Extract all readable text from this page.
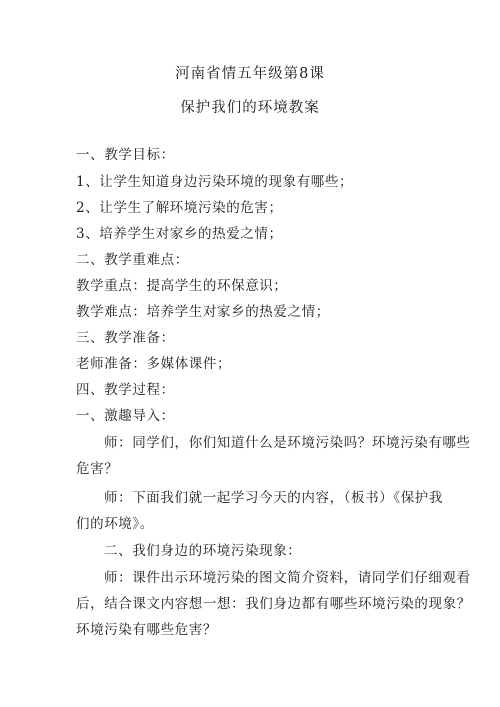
河南省情五年级第8课
保护我们的环境教案
一、教学目标：
1、让学生知道身边污染环境的现象有哪些；
2、让学生了解环境污染的危害；
3、培养学生对家乡的热爱之情；
二、教学重难点：
教学重点：提高学生的环保意识；
教学难点：培养学生对家乡的热爱之情；
三、教学准备：
老师准备：多媒体课件；
四、教学过程：
一、激趣导入：
师：同学们，你们知道什么是环境污染吗？环境污染有哪些
危害？
师：下面我们就一起学习今天的内容，（板书）《保护我
们的环境》。
二、我们身边的环境污染现象：
师：课件出示环境污染的图文简介资料，请同学们仔细观看
后，结合课文内容想一想：我们身边都有哪些环境污染的现象？
环境污染有哪些危害？
